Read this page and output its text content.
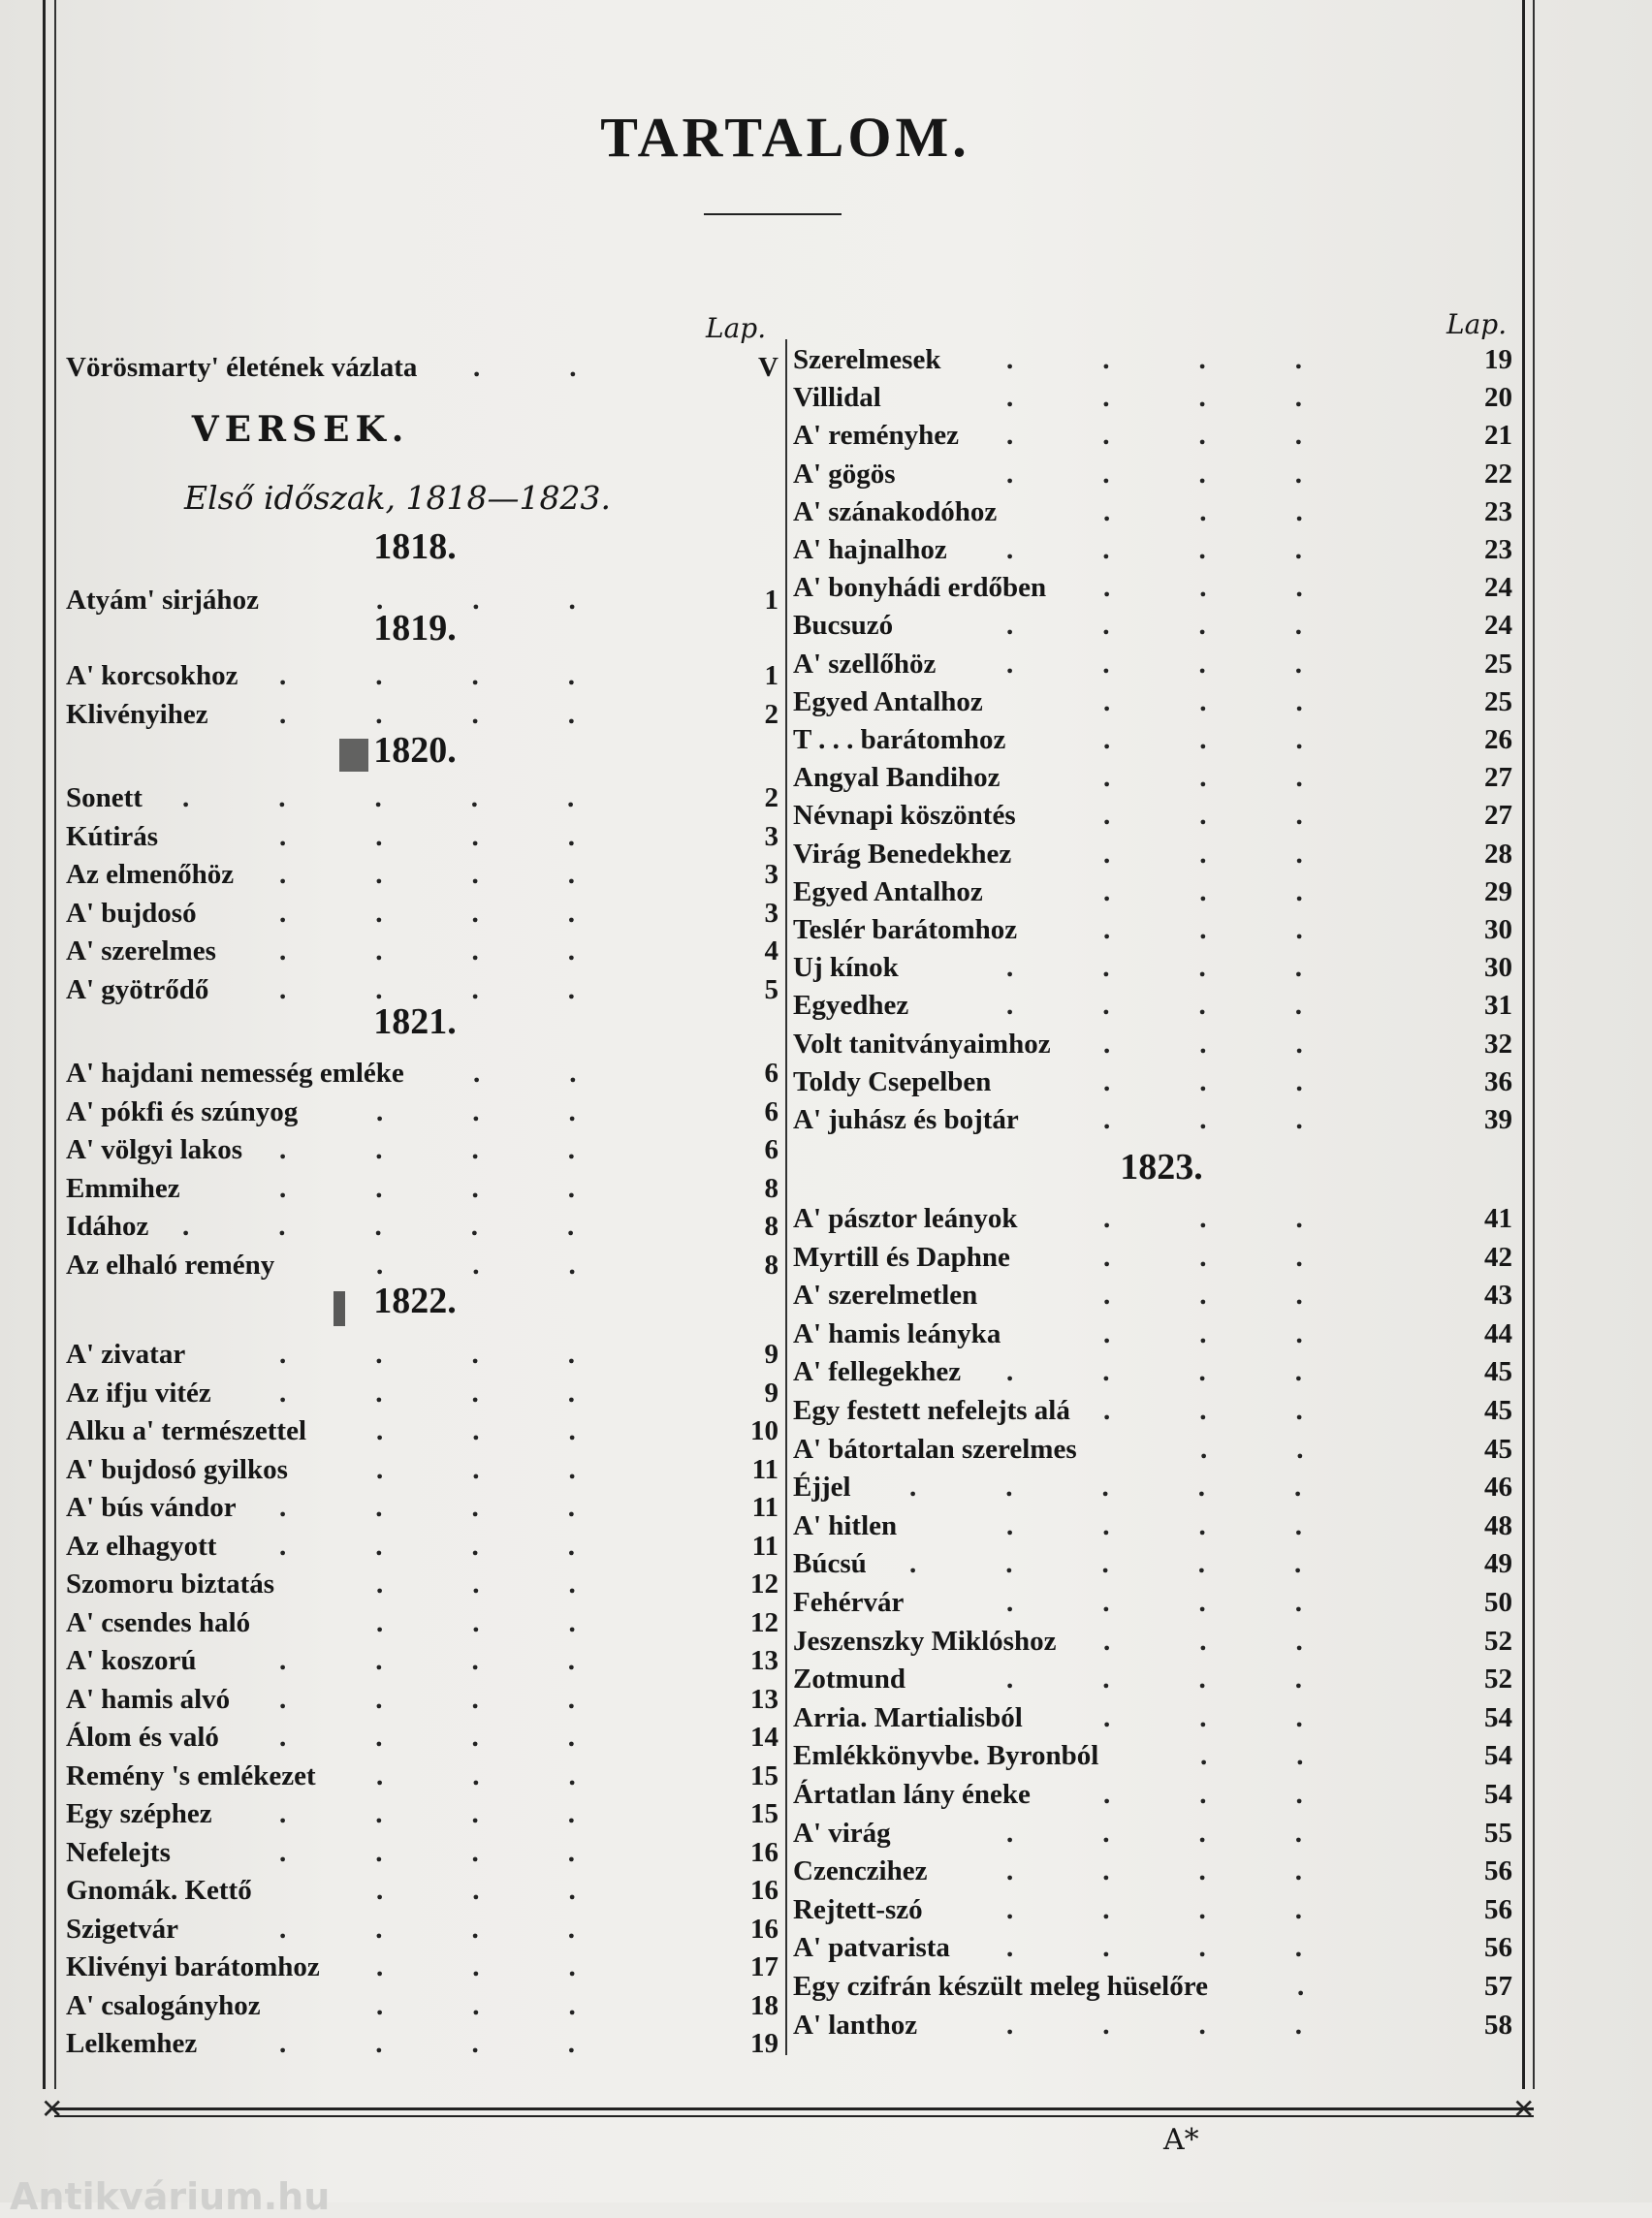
✕	✕
TARTALOM.
Lap.	Lap.
A*
Antikvárium.hu
Vörösmarty' életének vázlata	V
..
VERSEK.
Első időszak, 1818—1823.
1818.
Atyám' sirjához	1
...
1819.
A' korcsokhoz	1
....
Klivényihez	2
....
1820.
Sonett	2
.....
Kútirás	3
....
Az elmenőhöz	3
....
A' bujdosó	3
....
A' szerelmes	4
....
A' gyötrődő	5
....
1821.
A' hajdani nemesség emléke	6
..
A' pókfi és szúnyog	6
...
A' völgyi lakos	6
....
Emmihez	8
....
Idához	8
.....
Az elhaló remény	8
...
1822.
A' zivatar	9
....
Az ifju vitéz	9
....
Alku a' természettel	10
...
A' bujdosó gyilkos	11
...
A' bús vándor	11
....
Az elhagyott	11
....
Szomoru biztatás	12
...
A' csendes haló	12
...
A' koszorú	13
....
A' hamis alvó	13
....
Álom és való	14
....
Remény 's emlékezet	15
...
Egy széphez	15
....
Nefelejts	16
....
Gnomák. Kettő	16
...
Szigetvár	16
....
Klivényi barátomhoz	17
...
A' csalogányhoz	18
...
Lelkemhez	19
....
Szerelmesek	19
....
Villidal	20
....
A' reményhez	21
....
A' gögös	22
....
A' szánakodóhoz	23
...
A' hajnalhoz	23
....
A' bonyhádi erdőben	24
...
Bucsuzó	24
....
A' szellőhöz	25
....
Egyed Antalhoz	25
...
T . . . barátomhoz	26
...
Angyal Bandihoz	27
...
Névnapi köszöntés	27
...
Virág Benedekhez	28
...
Egyed Antalhoz	29
...
Teslér barátomhoz	30
...
Uj kínok	30
....
Egyedhez	31
....
Volt tanitványaimhoz	32
...
Toldy Csepelben	36
...
A' juhász és bojtár	39
...
1823.
A' pásztor leányok	41
...
Myrtill és Daphne	42
...
A' szerelmetlen	43
...
A' hamis leányka	44
...
A' fellegekhez	45
....
Egy festett nefelejts alá	45
...
A' bátortalan szerelmes	45
..
Éjjel	46
.....
A' hitlen	48
....
Búcsú	49
.....
Fehérvár	50
....
Jeszenszky Miklóshoz	52
...
Zotmund	52
....
Arria. Martialisból	54
...
Emlékkönyvbe. Byronból	54
..
Ártatlan lány éneke	54
...
A' virág	55
....
Czenczihez	56
....
Rejtett-szó	56
....
A' patvarista	56
....
Egy czifrán készült meleg hüselőre	57
.
A' lanthoz	58
....
